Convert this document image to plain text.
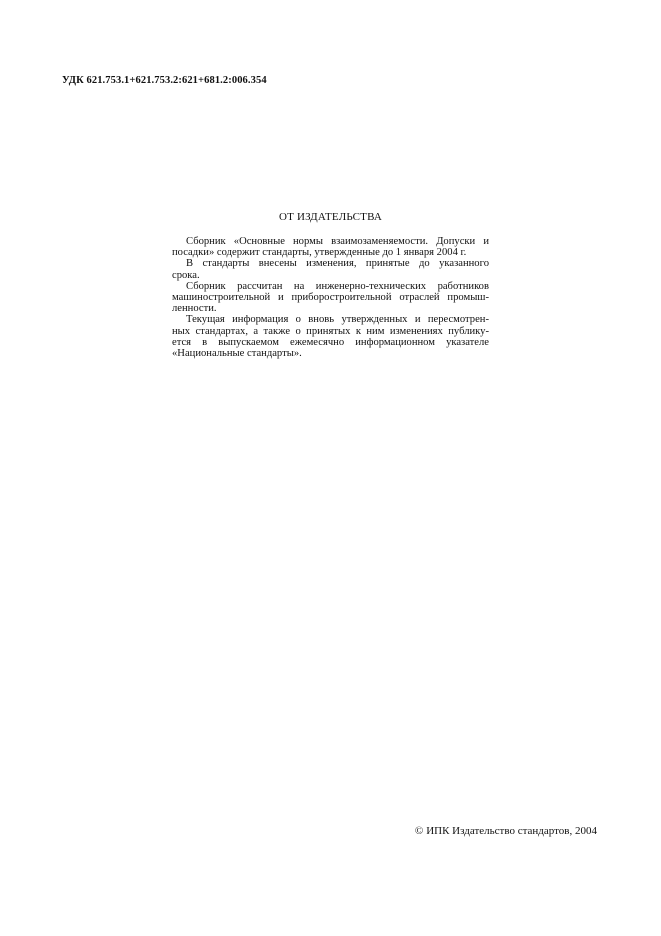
УДК 621.753.1+621.753.2:621+681.2:006.354
ОТ ИЗДАТЕЛЬСТВА
Сборник «Основные нормы взаимозаменяемости. Допуски и
посадки» содержит стандарты, утвержденные до 1 января 2004 г.
В стандарты внесены изменения, принятые до указанного
срока.
Сборник рассчитан на инженерно-технических работников
машиностроительной и приборостроительной отраслей промыш-
ленности.
Текущая информация о вновь утвержденных и пересмотрен-
ных стандартах, а также о принятых к ним изменениях публику-
ется в выпускаемом ежемесячно информационном указателе
«Национальные стандарты».
© ИПК Издательство стандартов, 2004
